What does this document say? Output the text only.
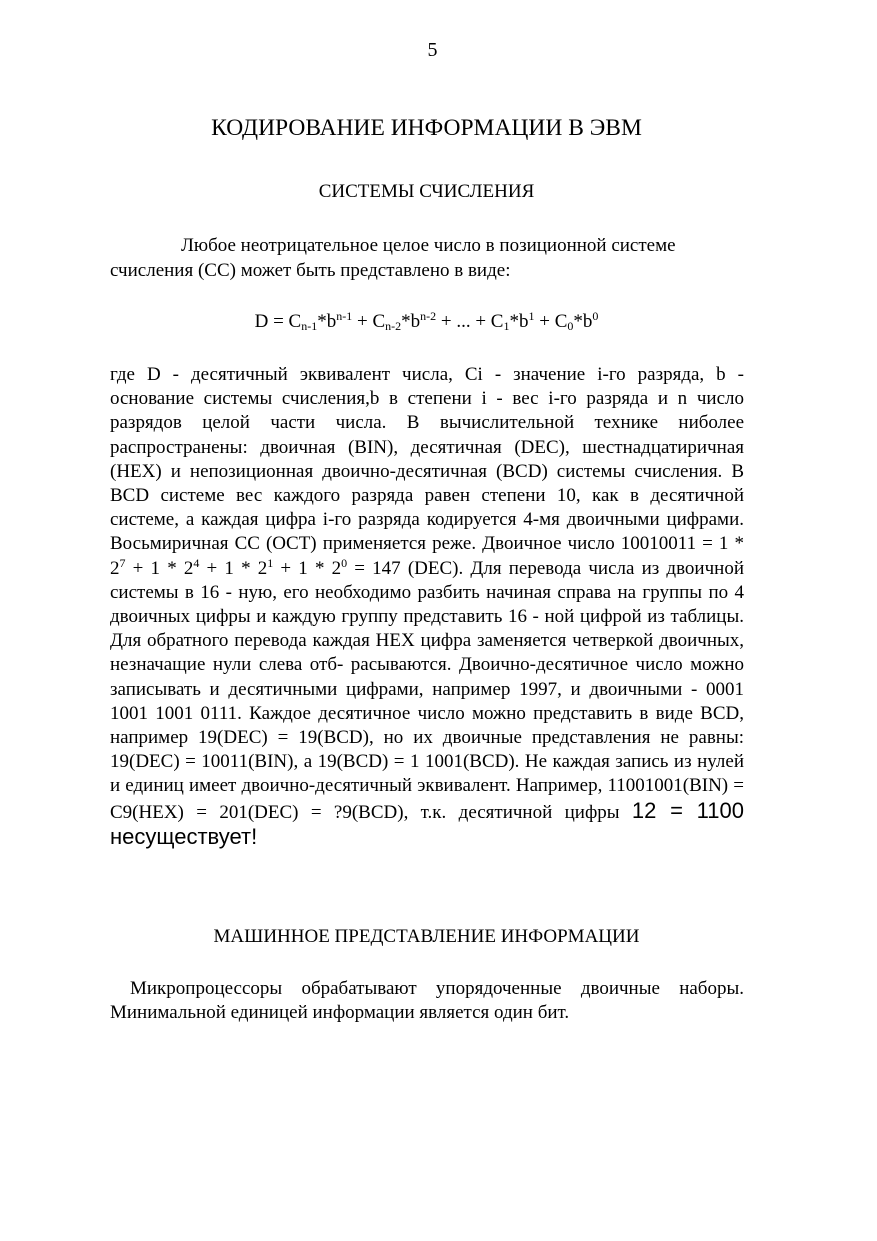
5
КОДИРОВАНИЕ ИНФОРМАЦИИ В ЭВМ
СИСТЕМЫ СЧИСЛЕНИЯ

Любое неотрицательное целое число в позиционной системе счисления (СС) может быть представлено в виде:

$D = C_{n-1}*b^{n-1} + C_{n-2}*b^{n-2}$ + ... + $C_1*b^1 + C_0*b^0$

где D - десятичный эквивалент числа, Ci - значение i-го разряда, b - основание системы счисления,b в степени i - вес i-го разряда и n число разрядов целой части числа. В вычислительной технике ниболее распространены: двоичная (BIN), десятичная (DEC), шестнадцатиричная (HEX) и непозиционная двоично-десятичная (BCD) системы счисления. В BCD системе вес каждого разряда равен степени 10, как в десятичной системе, а каждая цифра i-го разряда кодируется 4-мя двоичными цифрами. Восьмиричная СС (OCT) применяется реже. Двоичное число $10010011 = 1 * 2^7 + 1 * 2^4 + 1 * 2^1 + 1 * 2^0 = 147$ (DEC). Для перевода числа из двоичной системы в 16 - ную, его необходимо разбить начиная справа на группы по 4 двоичных цифры и каждую группу представить 16 - ной цифрой из таблицы. Для обратного перевода каждая HEX цифра заменяется четверкой двоичных, незначащие нули слева отб- расываются. Двоично-десятичное число можно записывать и десятичными цифрами, например 1997, и двоичными - 0001 1001 1001 0111. Каждое десятичное число можно представить в виде BCD, например 19(DEC) = 19(BCD), но их двоичные представления не равны: 19(DEC) = 10011(BIN), а 19(BCD) = 1 1001(BCD). Не каждая запись из нулей и единиц имеет двоично-десятичный эквивалент. Например, 11001001(BIN) = C9(HEX) = 201(DEC) = ?9(BCD), т.к. десятичной цифры 12 = 1100 несуществует!

МАШИННОЕ ПРЕДСТАВЛЕНИЕ ИНФОРМАЦИИ

Микропроцессоры обрабатывают упорядоченные двоичные наборы. Минимальной единицей информации является один бит.
